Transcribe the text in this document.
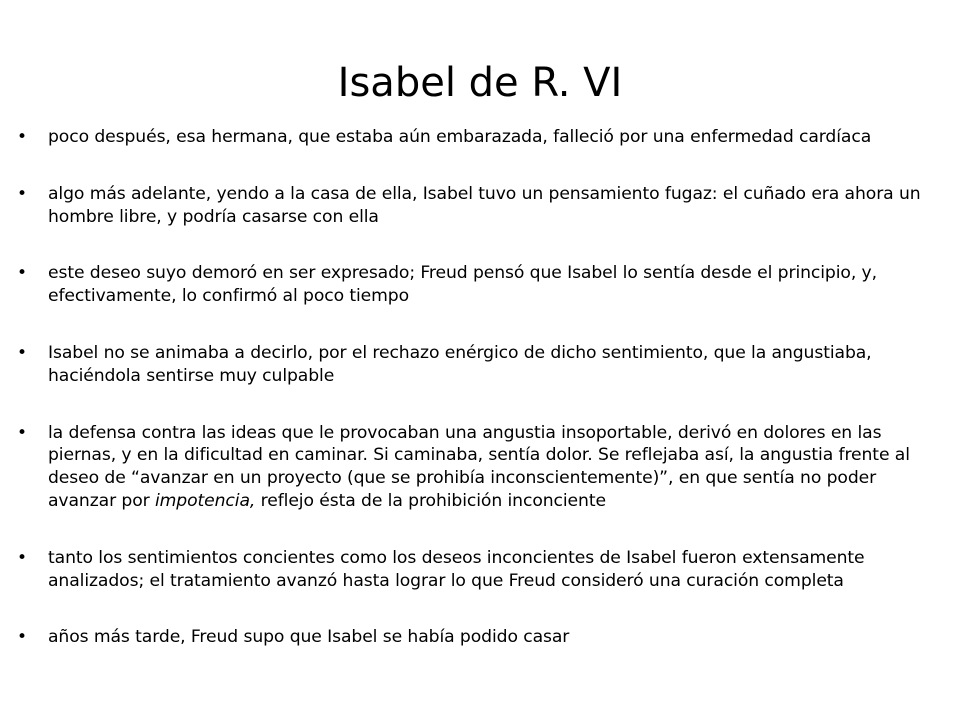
Isabel de R. VI
• poco después, esa hermana, que estaba aún embarazada, falleció por una enfermedad cardíaca
• algo más adelante, yendo a la casa de ella, Isabel tuvo un pensamiento fugaz: el cuñado era ahora un hombre libre, y podría casarse con ella
• este deseo suyo demoró en ser expresado; Freud pensó que Isabel lo sentía desde el principio, y, efectivamente, lo confirmó al poco tiempo
• Isabel no se animaba a decirlo, por el rechazo enérgico de dicho sentimiento, que la angustiaba, haciéndola sentirse muy culpable
• la defensa contra las ideas que le provocaban una angustia insoportable, derivó en dolores en las piernas, y en la dificultad en caminar. Si caminaba, sentía dolor. Se reflejaba así, la angustia frente al deseo de “avanzar en un proyecto (que se prohibía inconscientemente)”, en que sentía no poder avanzar por impotencia, reflejo ésta de la prohibición inconciente
• tanto los sentimientos concientes como los deseos inconcientes de Isabel fueron extensamente analizados; el tratamiento avanzó hasta lograr lo que Freud consideró una curación completa
• años más tarde, Freud supo que Isabel se había podido casar
